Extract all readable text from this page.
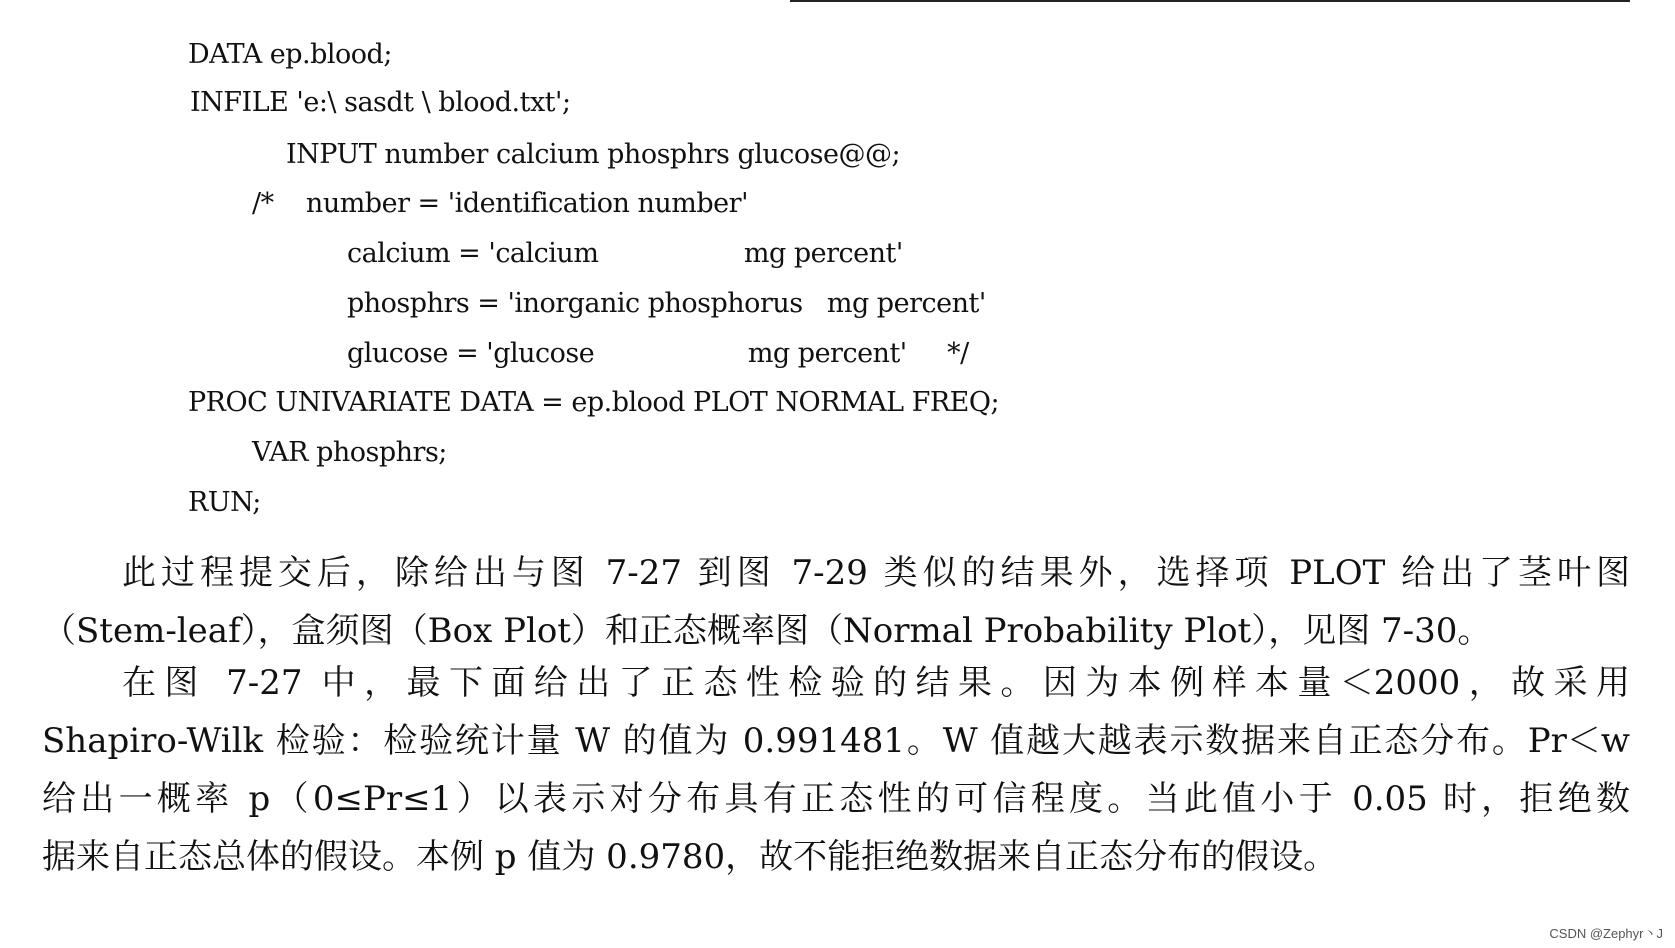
DATA ep.blood;
INFILE 'e:\ sasdt \ blood.txt';
INPUT number calcium phosphrs glucose@@;
/*    number = 'identification number'
calcium = 'calcium                  mg percent'
phosphrs = 'inorganic phosphorus   mg percent'
glucose = 'glucose                   mg percent'     */
PROC UNIVARIATE DATA = ep.blood PLOT NORMAL FREQ;
VAR phosphrs;
RUN;
此过程提交后，除给出与图 7-27 到图 7-29 类似的结果外，选择项 PLOT 给出了茎叶图
（Stem-leaf），盒须图（Box Plot）和正态概率图（Normal Probability Plot），见图 7-30。
在图 7-27 中，最下面给出了正态性检验的结果。因为本例样本量＜2000，故采用
Shapiro-Wilk 检验：检验统计量 W 的值为 0.991481。W 值越大越表示数据来自正态分布。Pr＜w
给出一概率 p（0≤Pr≤1）以表示对分布具有正态性的可信程度。当此值小于 0.05 时，拒绝数
据来自正态总体的假设。本例 p 值为 0.9780，故不能拒绝数据来自正态分布的假设。
CSDN @Zephyr丶J
